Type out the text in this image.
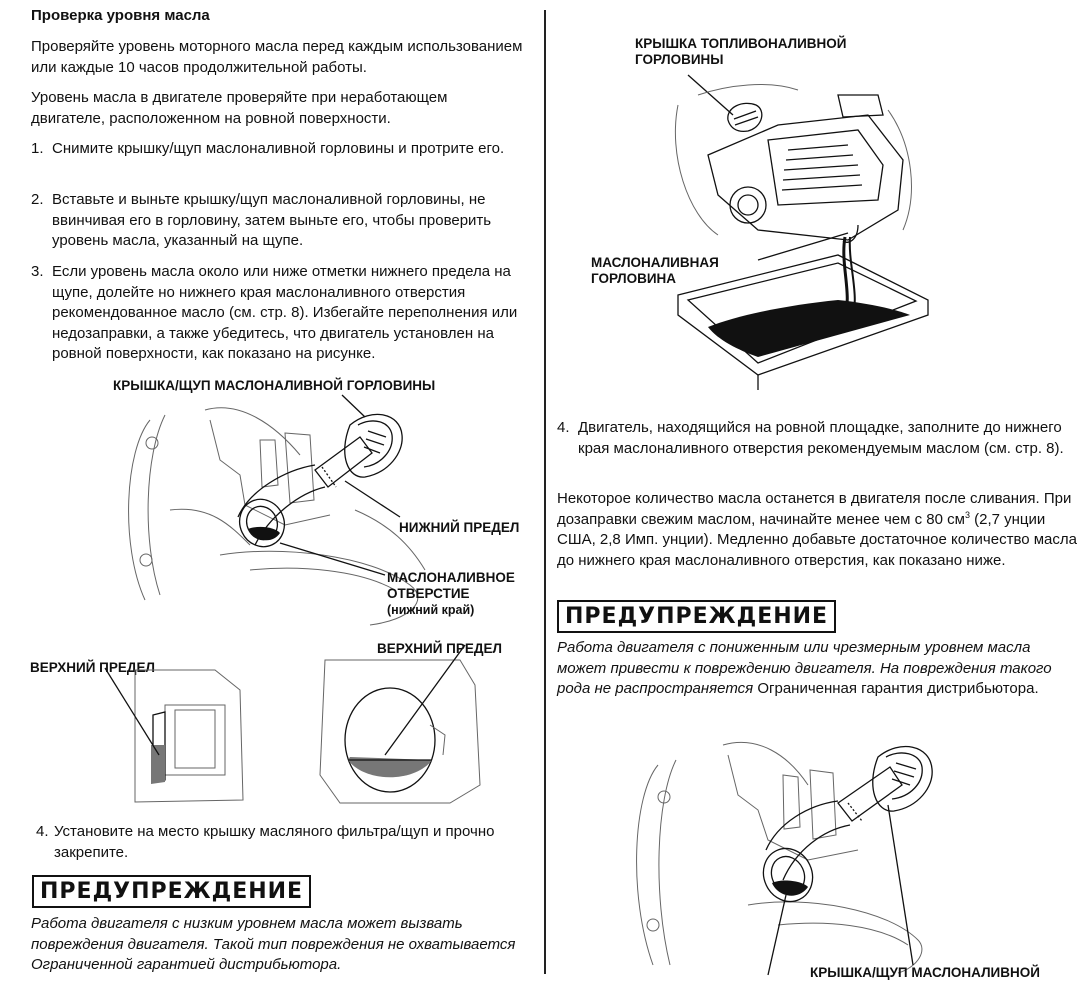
Проверка уровня масла
Проверяйте уровень моторного масла перед каждым использованием или каждые 10 часов продолжительной работы.
Уровень масла в двигателе проверяйте при неработающем двигателе, расположенном на ровной поверхности.
1. Снимите крышку/щуп маслоналивной горловины и протрите его.
2. Вставьте и выньте крышку/щуп маслоналивной горловины, не ввинчивая его в горловину, затем выньте его, чтобы проверить уровень масла, указанный на щупе.
3. Если уровень масла около или ниже отметки нижнего предела на щупе, долейте но нижнего края маслоналивного отверстия рекомендованное масло (см. стр. 8). Избегайте переполнения или недозаправки, а также убедитесь, что двигатель установлен на ровной поверхности, как показано на рисунке.
КРЫШКА/ЩУП МАСЛОНАЛИВНОЙ ГОРЛОВИНЫ
НИЖНИЙ ПРЕДЕЛ
МАСЛОНАЛИВНОЕ
ОТВЕРСТИЕ
(нижний край)
ВЕРХНИЙ ПРЕДЕЛ
ВЕРХНИЙ ПРЕДЕЛ
4. Установите на место крышку масляного фильтра/щуп и прочно закрепите.
ПРЕДУПРЕЖДЕНИЕ
Работа двигателя с низким уровнем масла может вызвать повреждения двигателя. Такой тип повреждения не охватывается Ограниченной гарантией дистрибьютора.
КРЫШКА ТОПЛИВОНАЛИВНОЙ
ГОРЛОВИНЫ
МАСЛОНАЛИВНАЯ
ГОРЛОВИНА
4. Двигатель, находящийся на ровной площадке, заполните до нижнего края маслоналивного отверстия рекомендуемым маслом (см. стр. 8).
Некоторое количество масла останется в двигателя после сливания. При дозаправки свежим маслом, начинайте менее чем с 80 $см^3$ (2,7 унции США, 2,8 Имп. унции). Медленно добавьте достаточное количество масла до нижнего края маслоналивного отверстия, как показано ниже.
ПРЕДУПРЕЖДЕНИЕ
Работа двигателя с пониженным или чрезмерным уровнем масла может привести к повреждению двигателя. На повреждения такого рода не распространяется Ограниченная гарантия дистрибьютора.
КРЫШКА/ЩУП МАСЛОНАЛИВНОЙ
